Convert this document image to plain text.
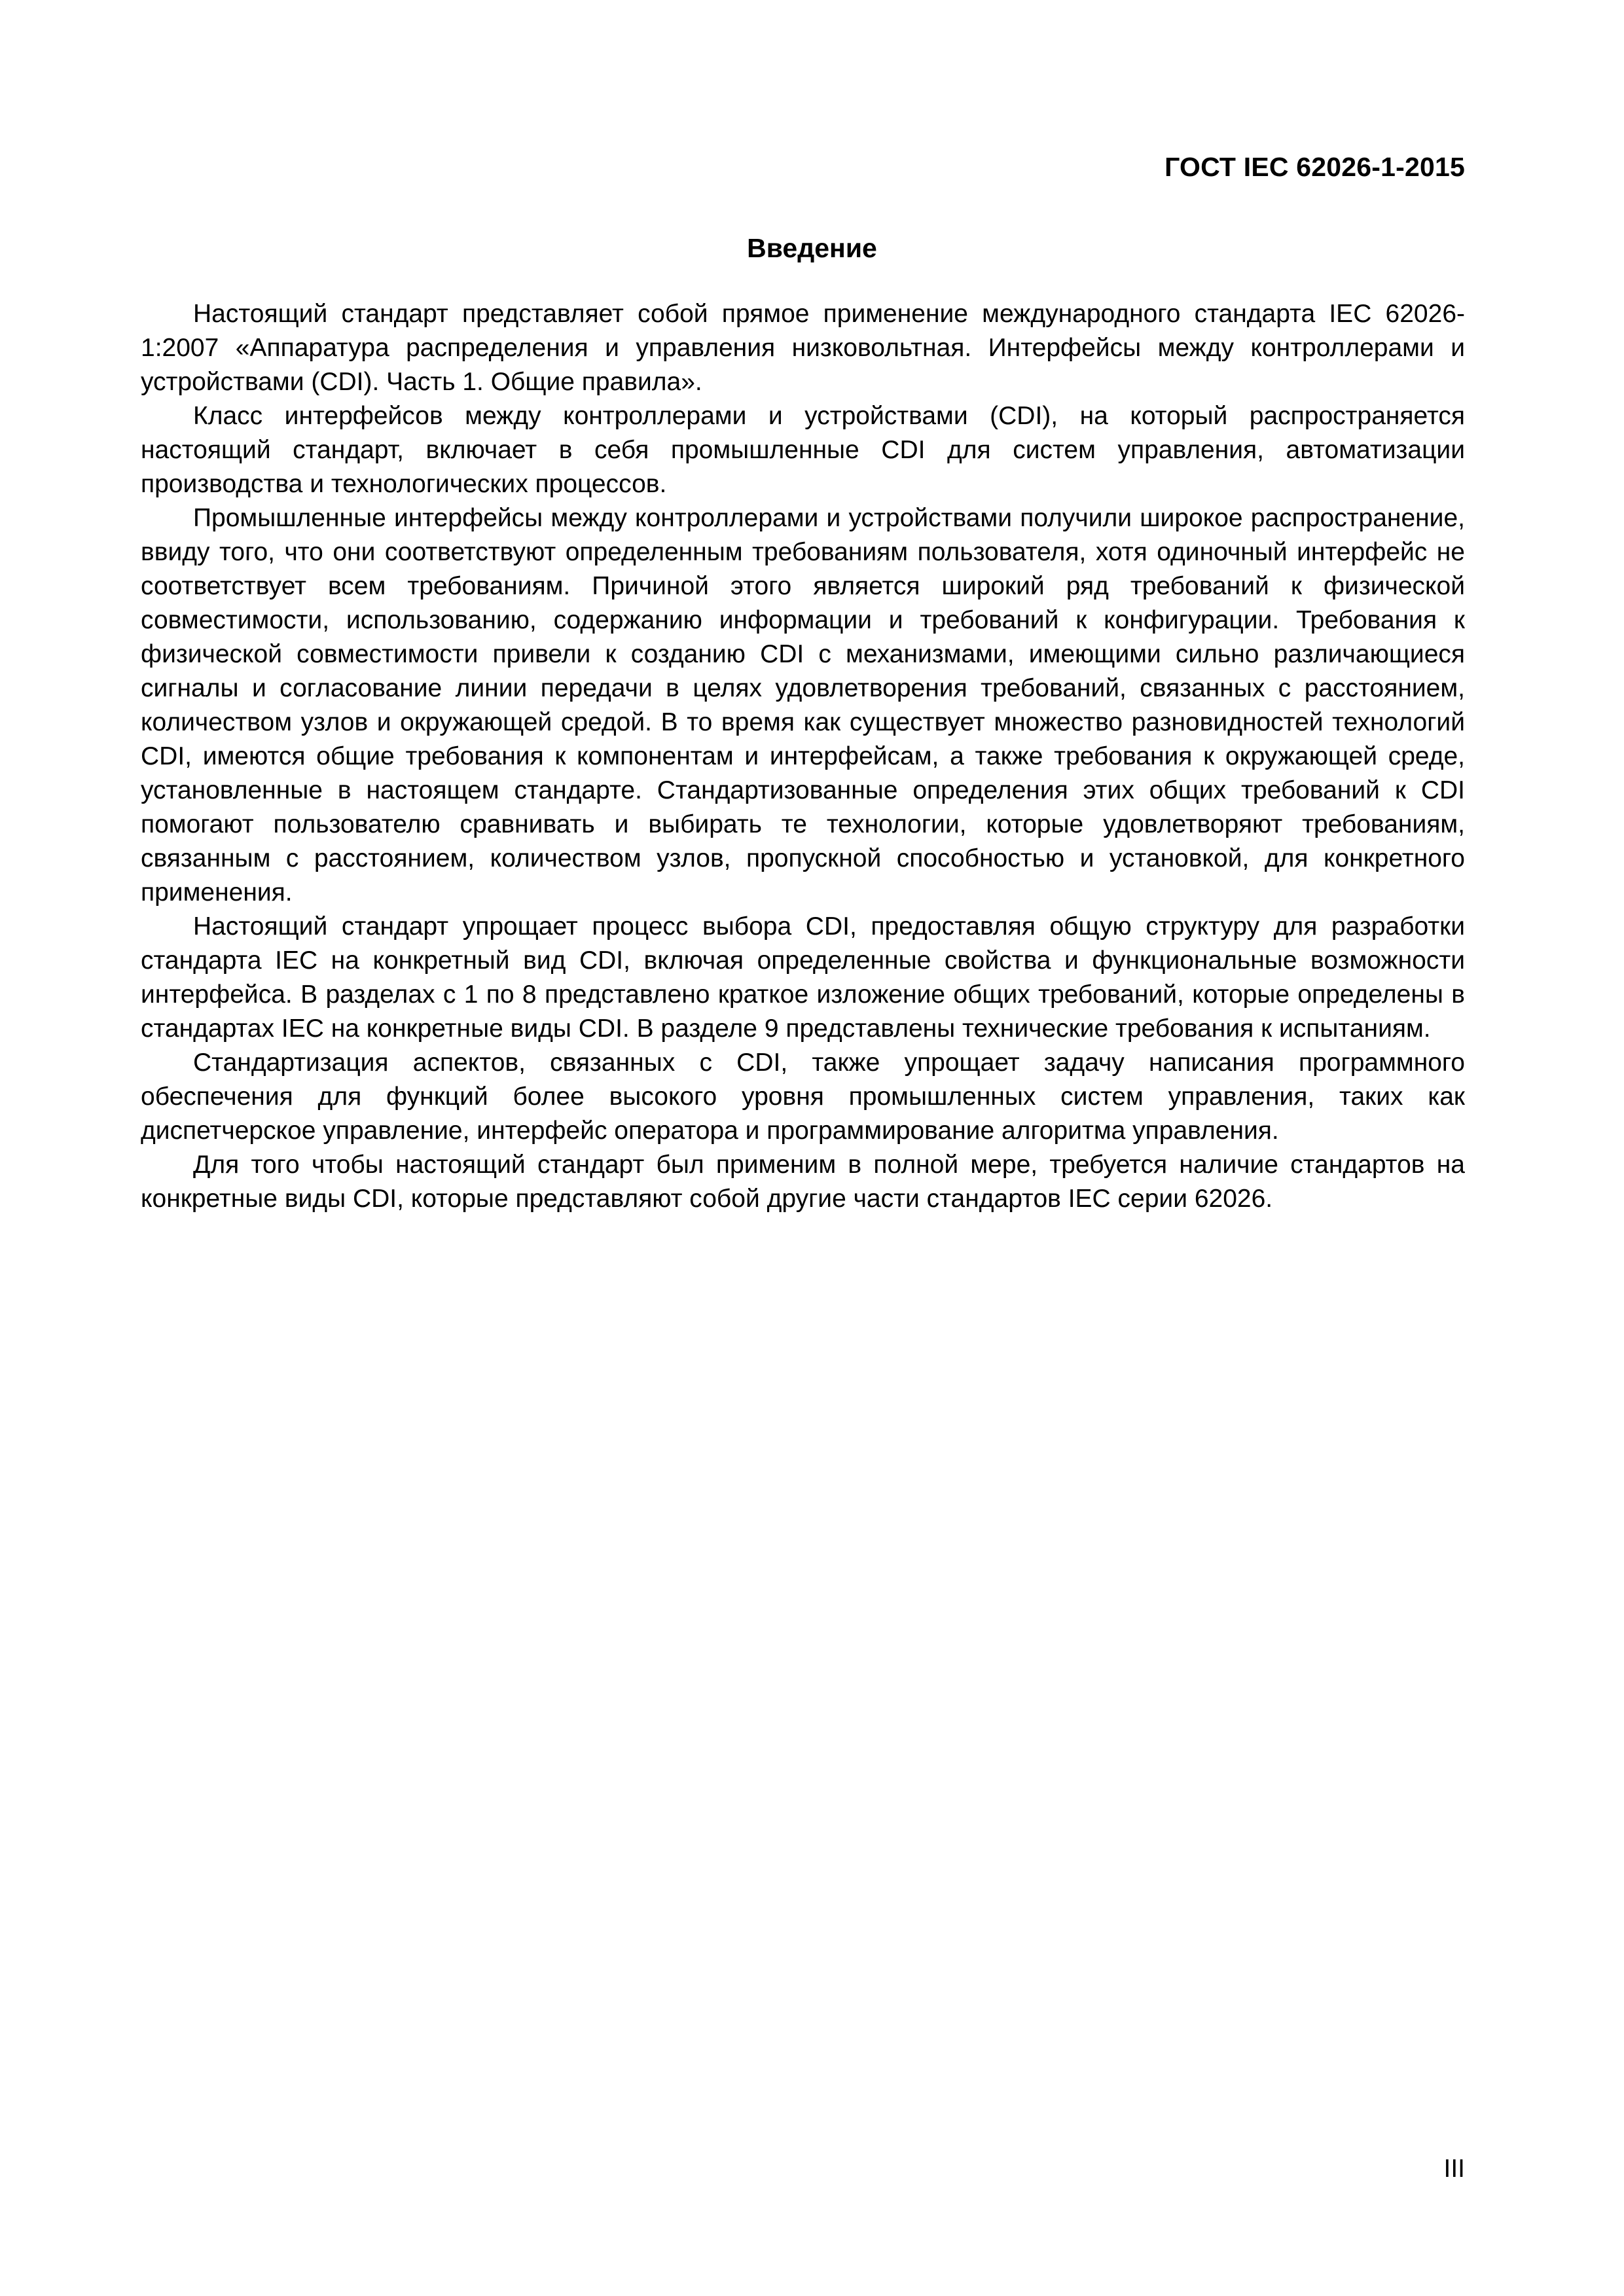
ГОСТ IEC 62026-1-2015
Введение

Настоящий стандарт представляет собой прямое применение международного стандарта IEC 62026-1:2007 «Аппаратура распределения и управления низковольтная. Интерфейсы между контроллерами и устройствами (CDI). Часть 1. Общие правила».

Класс интерфейсов между контроллерами и устройствами (CDI), на который распространяется настоящий стандарт, включает в себя промышленные CDI для систем управления, автоматизации производства и технологических процессов.

Промышленные интерфейсы между контроллерами и устройствами получили широкое распространение, ввиду того, что они соответствуют определенным требованиям пользователя, хотя одиночный интерфейс не соответствует всем требованиям. Причиной этого является широкий ряд требований к физической совместимости, использованию, содержанию информации и требований к конфигурации. Требования к физической совместимости привели к созданию CDI с механизмами, имеющими сильно различающиеся сигналы и согласование линии передачи в целях удовлетворения требований, связанных с расстоянием, количеством узлов и окружающей средой. В то время как существует множество разновидностей технологий CDI, имеются общие требования к компонентам и интерфейсам, а также требования к окружающей среде, установленные в настоящем стандарте. Стандартизованные определения этих общих требований к CDI помогают пользователю сравнивать и выбирать те технологии, которые удовлетворяют требованиям, связанным с расстоянием, количеством узлов, пропускной способностью и установкой, для конкретного применения.

Настоящий стандарт упрощает процесс выбора CDI, предоставляя общую структуру для разработки стандарта IEC на конкретный вид CDI, включая определенные свойства и функциональные возможности интерфейса. В разделах с 1 по 8 представлено краткое изложение общих требований, которые определены в стандартах IEC на конкретные виды CDI. В разделе 9 представлены технические требования к испытаниям.

Стандартизация аспектов, связанных с CDI, также упрощает задачу написания программного обеспечения для функций более высокого уровня промышленных систем управления, таких как диспетчерское управление, интерфейс оператора и программирование алгоритма управления.

Для того чтобы настоящий стандарт был применим в полной мере, требуется наличие стандартов на конкретные виды CDI, которые представляют собой другие части стандартов IEC серии 62026.

III
